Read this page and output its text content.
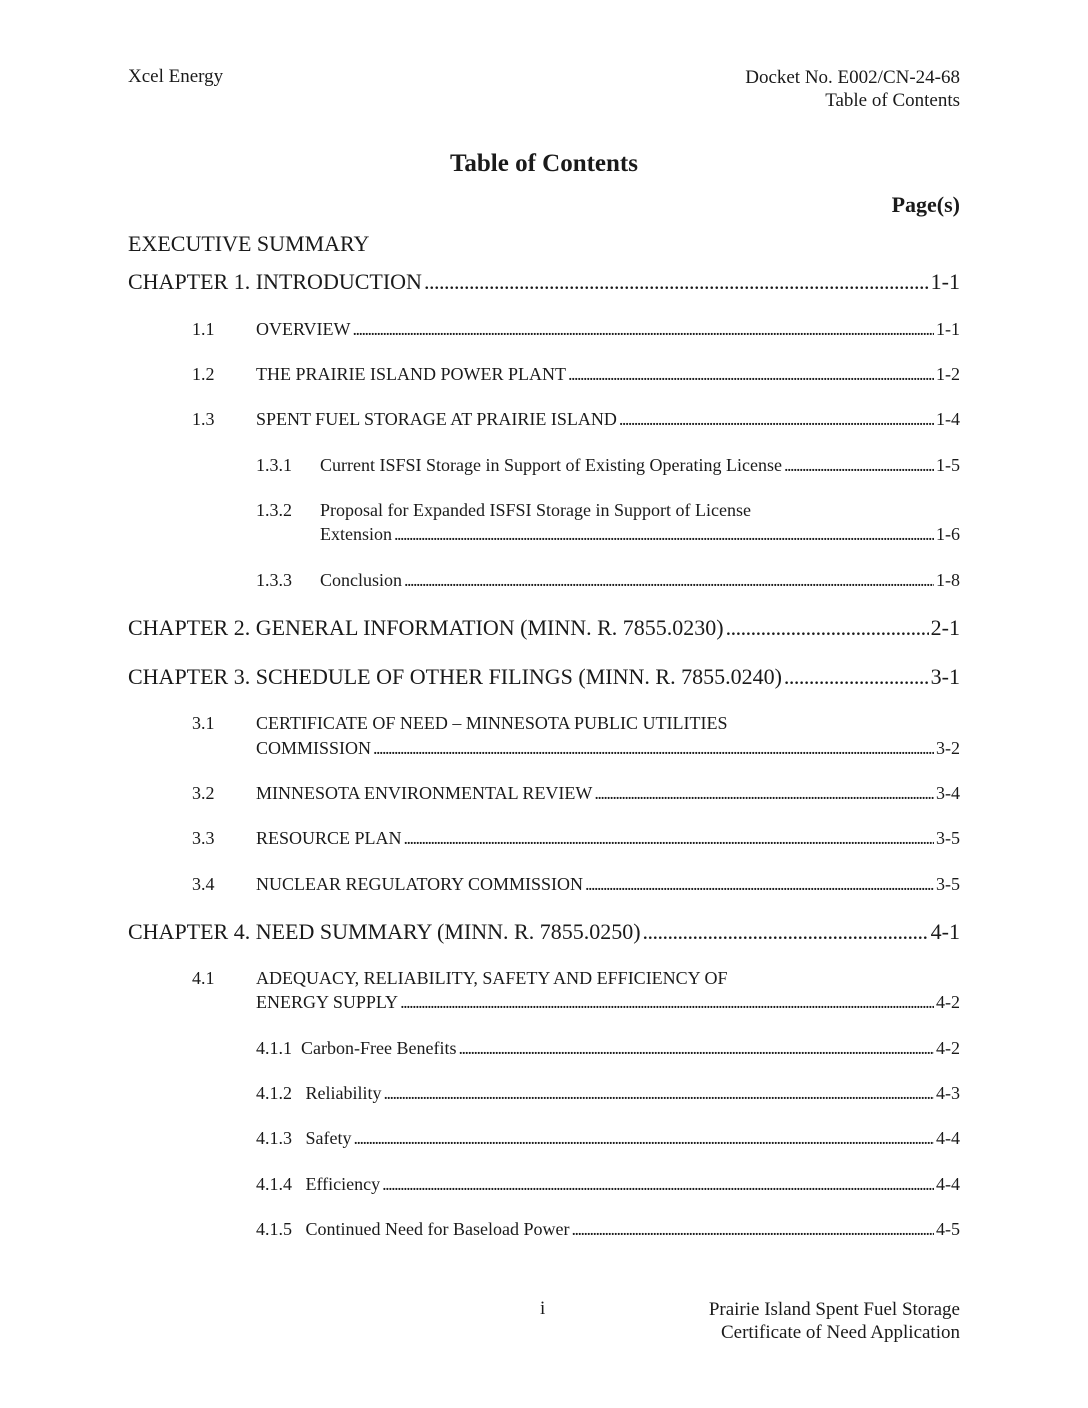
Xcel Energy	Docket No. E002/CN-24-68
Table of Contents
Table of Contents
Page(s)
EXECUTIVE SUMMARY
CHAPTER 1. INTRODUCTION . . .	1-1
1.1 OVERVIEW . . .	1-1
1.2 THE PRAIRIE ISLAND POWER PLANT . . .	1-2
1.3 SPENT FUEL STORAGE AT PRAIRIE ISLAND . . .	1-4
1.3.1 Current ISFSI Storage in Support of Existing Operating License . . .	1-5
1.3.2 Proposal for Expanded ISFSI Storage in Support of License
Extension . . .	1-6
1.3.3 Conclusion . . .	1-8
CHAPTER 2. GENERAL INFORMATION (MINN. R. 7855.0230) . . .	2-1
CHAPTER 3. SCHEDULE OF OTHER FILINGS (MINN. R. 7855.0240) . . .	3-1
3.1 CERTIFICATE OF NEED – MINNESOTA PUBLIC UTILITIES
COMMISSION . . .	3-2
3.2 MINNESOTA ENVIRONMENTAL REVIEW . . .	3-4
3.3 RESOURCE PLAN . . .	3-5
3.4 NUCLEAR REGULATORY COMMISSION . . .	3-5
CHAPTER 4. NEED SUMMARY (MINN. R. 7855.0250) . . .	4-1
4.1 ADEQUACY, RELIABILITY, SAFETY AND EFFICIENCY OF
ENERGY SUPPLY . . .	4-2
4.1.1  Carbon-Free Benefits . . .	4-2
4.1.2   Reliability . . .	4-3
4.1.3   Safety . . .	4-4
4.1.4   Efficiency . . .	4-4
4.1.5   Continued Need for Baseload Power . . .	4-5
i	Prairie Island Spent Fuel Storage
Certificate of Need Application
